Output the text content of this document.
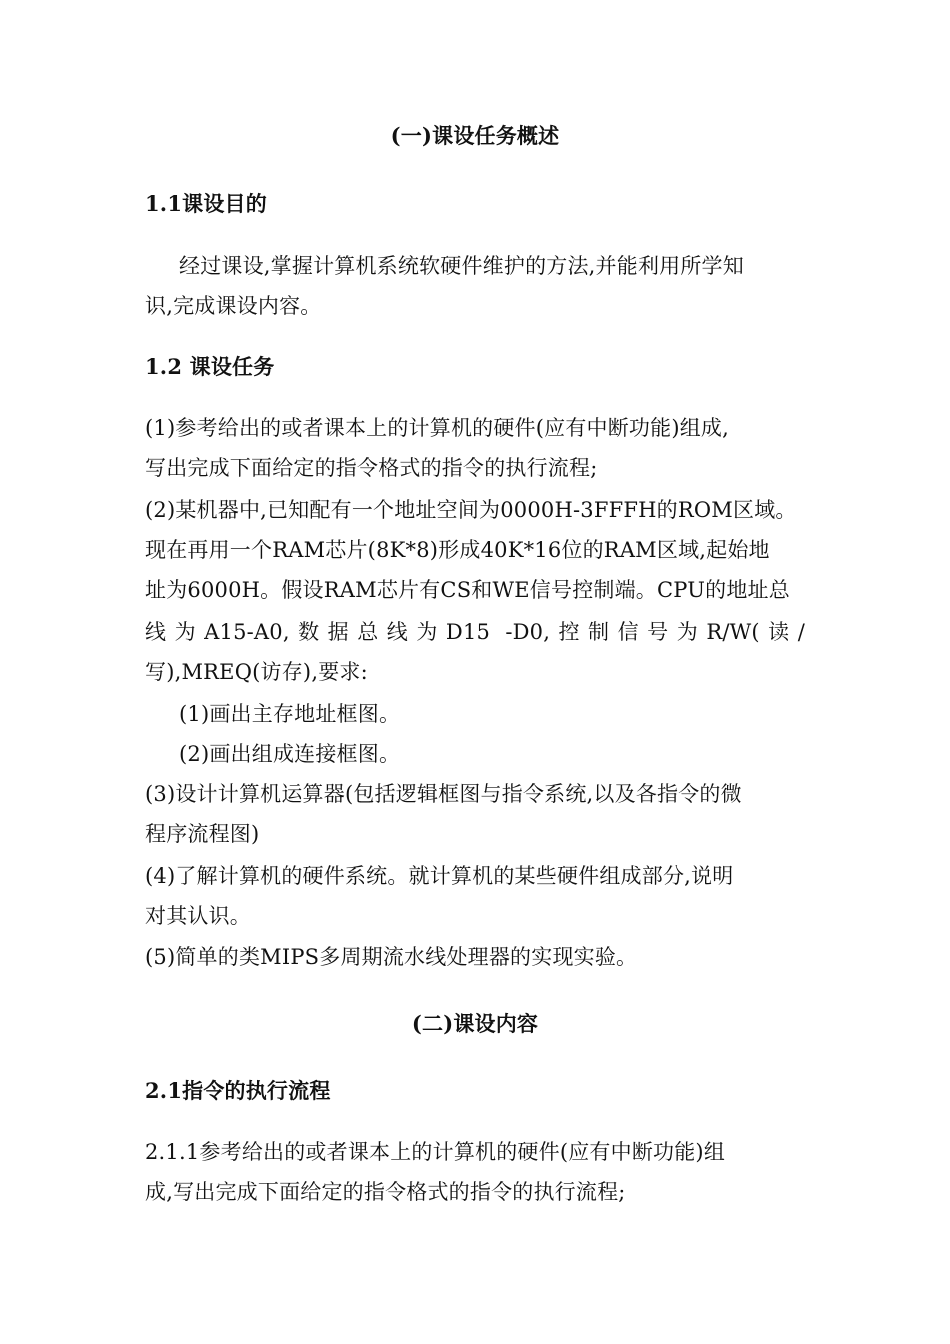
(一)课设任务概述
1.1课设目的
经过课设,掌握计算机系统软硬件维护的方法,并能利用所学知
识,完成课设内容。
1.2 课设任务
(1)参考给出的或者课本上的计算机的硬件(应有中断功能)组成,
写出完成下面给定的指令格式的指令的执行流程;
(2)某机器中,已知配有一个地址空间为0000H-3FFFH的ROM区域。
现在再用一个RAM芯片(8K*8)形成40K*16位的RAM区域,起始地
址为6000H。假设RAM芯片有CS和WE信号控制端。CPU的地址总
线为A15-A0,数据总线为D15 -D0,控制信号为R/W(读/
写),MREQ(访存),要求:
(1)画出主存地址框图。
(2)画出组成连接框图。
(3)设计计算机运算器(包括逻辑框图与指令系统,以及各指令的微
程序流程图)
(4)了解计算机的硬件系统。就计算机的某些硬件组成部分,说明
对其认识。
(5)简单的类MIPS多周期流水线处理器的实现实验。
(二)课设内容
2.1指令的执行流程
2.1.1参考给出的或者课本上的计算机的硬件(应有中断功能)组
成,写出完成下面给定的指令格式的指令的执行流程;
